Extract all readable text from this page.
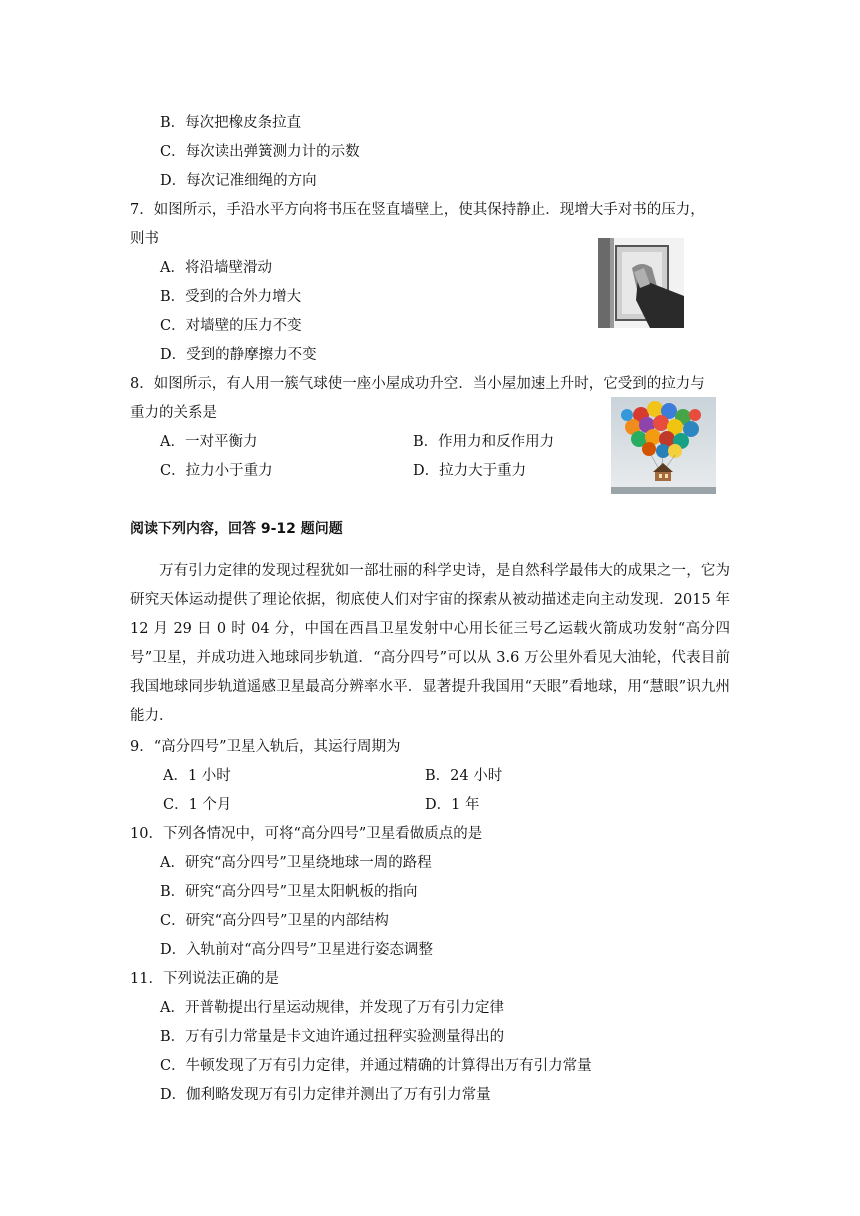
B．每次把橡皮条拉直
C．每次读出弹簧测力计的示数
D．每次记准细绳的方向
7．如图所示，手沿水平方向将书压在竖直墙壁上，使其保持静止．现增大手对书的压力，
则书
A．将沿墙壁滑动
B．受到的合外力增大
C．对墙壁的压力不变
D．受到的静摩擦力不变
8．如图所示，有人用一簇气球使一座小屋成功升空．当小屋加速上升时，它受到的拉力与
重力的关系是
A．一对平衡力	B．作用力和反作用力
C．拉力小于重力	D．拉力大于重力
阅读下列内容，回答 9-12 题问题
万有引力定律的发现过程犹如一部壮丽的科学史诗，是自然科学最伟大的成果之一，它为研究天体运动提供了理论依据，彻底使人们对宇宙的探索从被动描述走向主动发现．2015 年 12 月 29 日 0 时 04 分，中国在西昌卫星发射中心用长征三号乙运载火箭成功发射“高分四号”卫星，并成功进入地球同步轨道．“高分四号”可以从 3.6 万公里外看见大油轮，代表目前我国地球同步轨道遥感卫星最高分辨率水平．显著提升我国用“天眼”看地球，用“慧眼”识九州能力．
9．“高分四号”卫星入轨后，其运行周期为
A．1 小时	B．24 小时
C．1 个月	D．1 年
10．下列各情况中，可将“高分四号”卫星看做质点的是
A．研究“高分四号”卫星绕地球一周的路程
B．研究“高分四号”卫星太阳帆板的指向
C．研究“高分四号”卫星的内部结构
D．入轨前对“高分四号”卫星进行姿态调整
11．下列说法正确的是
A．开普勒提出行星运动规律，并发现了万有引力定律
B．万有引力常量是卡文迪许通过扭秤实验测量得出的
C．牛顿发现了万有引力定律，并通过精确的计算得出万有引力常量
D．伽利略发现万有引力定律并测出了万有引力常量
